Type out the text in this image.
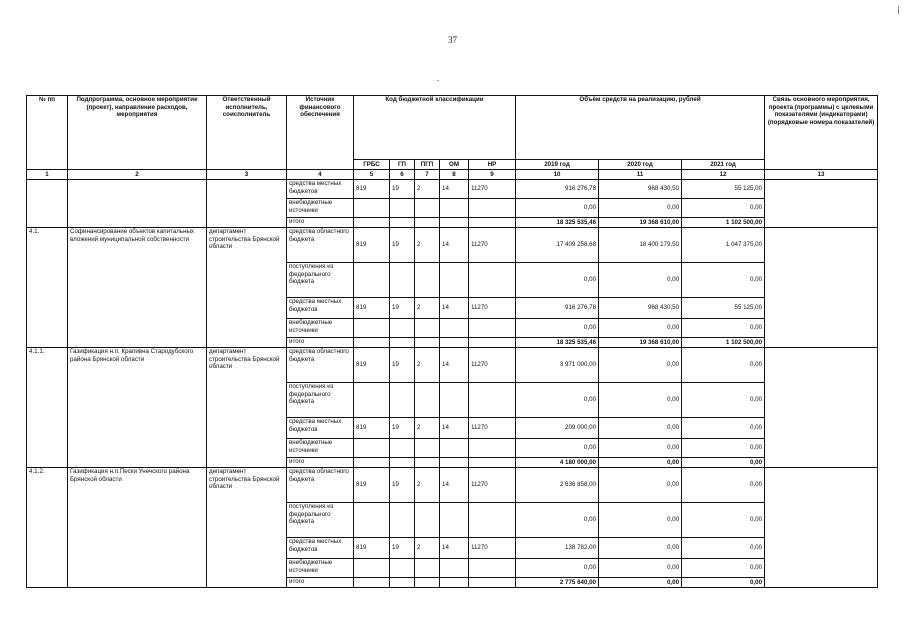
37
№ пп	Подпрограмма, основное мероприятие (проект), направление расходов, мероприятия	Ответственный исполнитель, соисполнитель	Источник финансового обеспечения	Код бюджетной классификации					Объём средств на реализацию, рублей			Связь основного мероприятия, проекта (программы) с целевыми показателями (индикаторами) (порядковые номера показателей)
				ГРБС	ГП	ПГП	ОМ	НР	2019 год	2020 год	2021 год	
1	2	3	4	5	6	7	8	9	10	11	12	13
			средства местных бюджетов	819	19	2	14	11270	916 276,78	968 430,50	55 125,00	
			внебюджетные источники						0,00	0,00	0,00	
			итого						18 325 535,46	19 368 610,00	1 102 500,00	
4.1.	Софинансирование объектов капитальных вложений муниципальной собственности	департамент строительства Брянской области	средства областного бюджета	819	19	2	14	11270	17 409 258,68	18 400 179,50	1 047 375,00	
			поступления из федерального бюджета						0,00	0,00	0,00	
			средства местных бюджетов	819	19	2	14	11270	916 276,78	968 430,50	55 125,00	
			внебюджетные источники						0,00	0,00	0,00	
			итого						18 325 535,46	19 368 610,00	1 102 500,00	
4.1.1.	Газификация н.п. Крапивна Стародубского района Брянской области	департамент строительства Брянской области	средства областного бюджета	819	19	2	14	11270	3 971 000,00	0,00	0,00	
			поступления из федерального бюджета						0,00	0,00	0,00	
			средства местных бюджетов	819	19	2	14	11270	209 000,00	0,00	0,00	
			внебюджетные источники						0,00	0,00	0,00	
			итого						4 180 000,00	0,00	0,00	
4.1.2.	Газификация н.п.Пески Унечского района Брянской области	департамент строительства Брянской области	средства областного бюджета	819	19	2	14	11270	2 636 858,00	0,00	0,00	
			поступления из федерального бюджета						0,00	0,00	0,00	
			средства местных бюджетов	819	19	2	14	11270	138 782,00	0,00	0,00	
			внебюджетные источники						0,00	0,00	0,00	
			итого						2 775 640,00	0,00	0,00	
